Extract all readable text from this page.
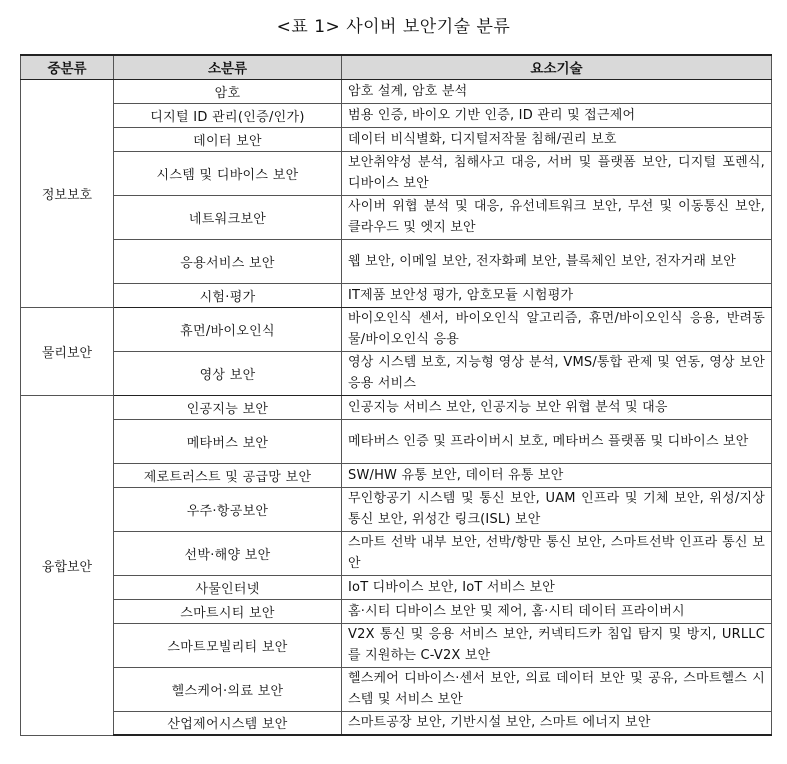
<표 1> 사이버 보안기술 분류
중분류	소분류	요소기술
정보보호	암호	암호 설계, 암호 분석
	디지털 ID 관리(인증/인가)	범용 인증, 바이오 기반 인증, ID 관리 및 접근제어
	데이터 보안	데이터 비식별화, 디지털저작물 침해/권리 보호
	시스템 및 디바이스 보안	보안취약성 분석, 침해사고 대응, 서버 및 플랫폼 보안, 디지털 포렌식, 디바이스 보안
	네트워크보안	사이버 위협 분석 및 대응, 유선네트워크 보안, 무선 및 이동통신 보안, 클라우드 및 엣지 보안
	응용서비스 보안	웹 보안, 이메일 보안, 전자화폐 보안, 블록체인 보안, 전자거래 보안
	시험·평가	IT제품 보안성 평가, 암호모듈 시험평가
물리보안	휴먼/바이오인식	바이오인식 센서, 바이오인식 알고리즘, 휴먼/바이오인식 응용, 반려동물/바이오인식 응용
	영상 보안	영상 시스템 보호, 지능형 영상 분석, VMS/통합 관제 및 연동, 영상 보안 응용 서비스
융합보안	인공지능 보안	인공지능 서비스 보안, 인공지능 보안 위협 분석 및 대응
	메타버스 보안	메타버스 인증 및 프라이버시 보호, 메타버스 플랫폼 및 디바이스 보안
	제로트러스트 및 공급망 보안	SW/HW 유통 보안, 데이터 유통 보안
	우주·항공보안	무인항공기 시스템 및 통신 보안, UAM 인프라 및 기체 보안, 위성/지상 통신 보안, 위성간 링크(ISL) 보안
	선박·해양 보안	스마트 선박 내부 보안, 선박/항만 통신 보안, 스마트선박 인프라 통신 보안
	사물인터넷	IoT 디바이스 보안, IoT 서비스 보안
	스마트시티 보안	홈·시티 디바이스 보안 및 제어, 홈·시티 데이터 프라이버시
	스마트모빌리티 보안	V2X 통신 및 응용 서비스 보안, 커넥티드카 침입 탐지 및 방지, URLLC를 지원하는 C-V2X 보안
	헬스케어·의료 보안	헬스케어 디바이스·센서 보안, 의료 데이터 보안 및 공유, 스마트헬스 시스템 및 서비스 보안
	산업제어시스템 보안	스마트공장 보안, 기반시설 보안, 스마트 에너지 보안
